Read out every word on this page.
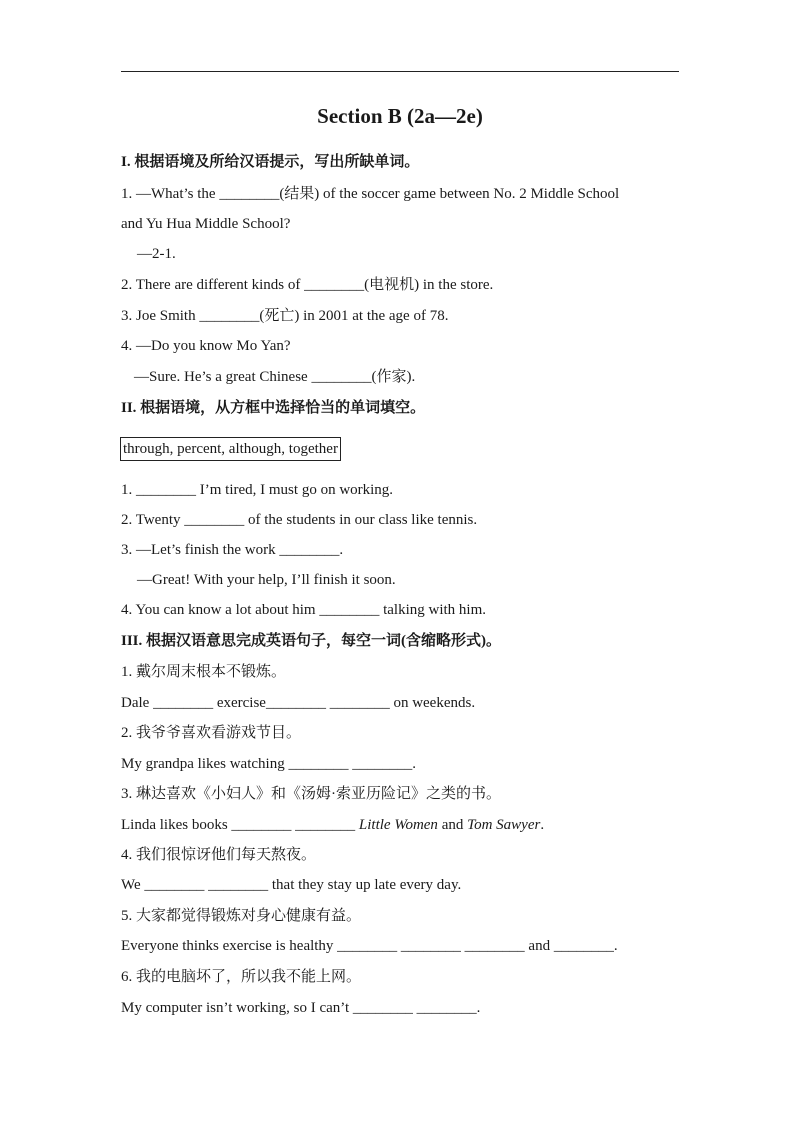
Section B (2a—2e)
I. 根据语境及所给汉语提示，写出所缺单词。
1. —What’s the ________(结果) of the soccer game between No. 2 Middle School
and Yu Hua Middle School?
—2-1.
2. There are different kinds of ________(电视机) in the store.
3. Joe Smith ________(死亡) in 2001 at the age of 78.
4. —Do you know Mo Yan?
—Sure. He’s a great Chinese ________(作家).
II. 根据语境，从方框中选择恰当的单词填空。
through, percent, although, together
1. ________ I’m tired, I must go on working.
2. Twenty ________ of the students in our class like tennis.
3. —Let’s finish the work ________.
—Great! With your help, I’ll finish it soon.
4. You can know a lot about him ________ talking with him.
III. 根据汉语意思完成英语句子，每空一词(含缩略形式)。
1. 戴尔周末根本不锻炼。
Dale ________ exercise________ ________ on weekends.
2. 我爷爷喜欢看游戏节目。
My grandpa likes watching ________ ________.
3. 琳达喜欢《小妇人》和《汤姆·索亚历险记》之类的书。
Linda likes books ________ ________ Little Women and Tom Sawyer.
4. 我们很惊讶他们每天熬夜。
We ________ ________ that they stay up late every day.
5. 大家都觉得锻炼对身心健康有益。
Everyone thinks exercise is healthy ________ ________ ________ and ________.
6. 我的电脑坏了，所以我不能上网。
My computer isn’t working, so I can’t ________ ________.
